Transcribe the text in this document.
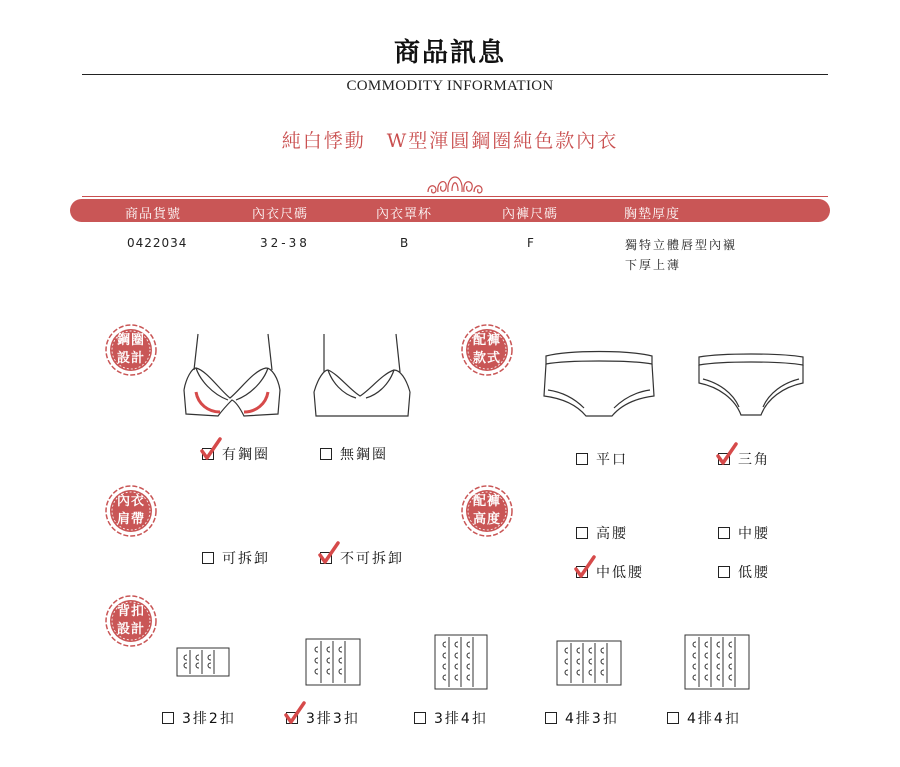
商品訊息
COMMODITY INFORMATION
純白悸動　W型渾圓鋼圈純色款內衣
商品貨號	內衣尺碼	內衣罩杯	內褲尺碼	胸墊厚度
0422034	32-38	B	F	獨特立體唇型內襯
下厚上薄
鋼圈
設計
配褲
款式
內衣
肩帶
配褲
高度
背扣
設計
有鋼圈	無鋼圈	平口	三角
可拆卸	不可拆卸
高腰	中腰
中低腰	低腰
3排2扣	3排3扣	3排4扣	4排3扣	4排4扣
